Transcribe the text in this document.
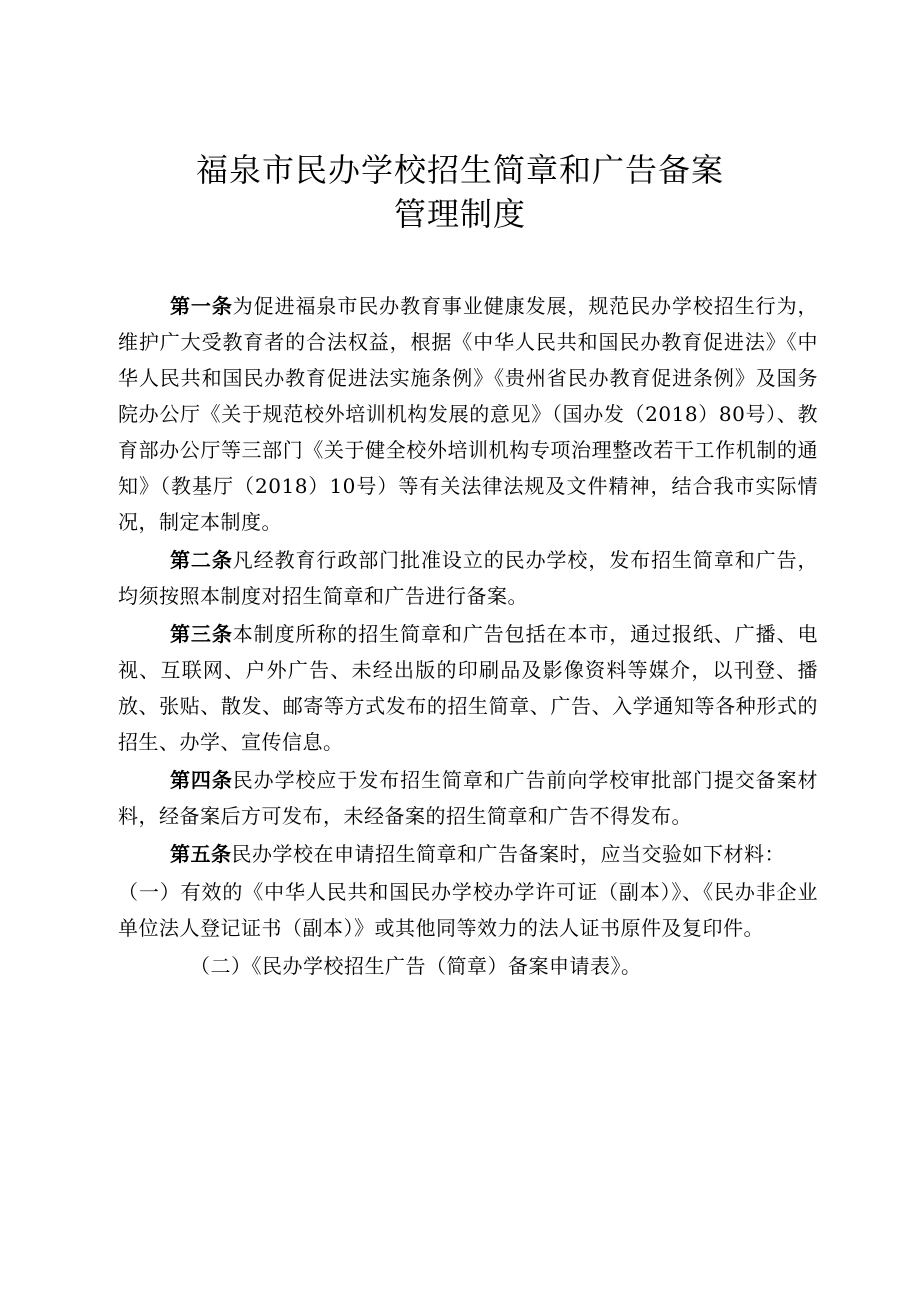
福泉市民办学校招生简章和广告备案
管理制度

第一条为促进福泉市民办教育事业健康发展，规范民办学校招生行为，维护广大受教育者的合法权益，根据《中华人民共和国民办教育促进法》《中华人民共和国民办教育促进法实施条例》《贵州省民办教育促进条例》及国务院办公厅《关于规范校外培训机构发展的意见》（国办发（2018）80号）、教育部办公厅等三部门《关于健全校外培训机构专项治理整改若干工作机制的通知》（教基厅（2018）10号）等有关法律法规及文件精神，结合我市实际情况，制定本制度。

第二条凡经教育行政部门批准设立的民办学校，发布招生简章和广告，均须按照本制度对招生简章和广告进行备案。

第三条本制度所称的招生简章和广告包括在本市，通过报纸、广播、电视、互联网、户外广告、未经出版的印刷品及影像资料等媒介，以刊登、播放、张贴、散发、邮寄等方式发布的招生简章、广告、入学通知等各种形式的招生、办学、宣传信息。

第四条民办学校应于发布招生简章和广告前向学校审批部门提交备案材料，经备案后方可发布，未经备案的招生简章和广告不得发布。

第五条民办学校在申请招生简章和广告备案时，应当交验如下材料：

（一）有效的《中华人民共和国民办学校办学许可证（副本）》、《民办非企业单位法人登记证书（副本）》或其他同等效力的法人证书原件及复印件。

（二）《民办学校招生广告（简章）备案申请表》。
